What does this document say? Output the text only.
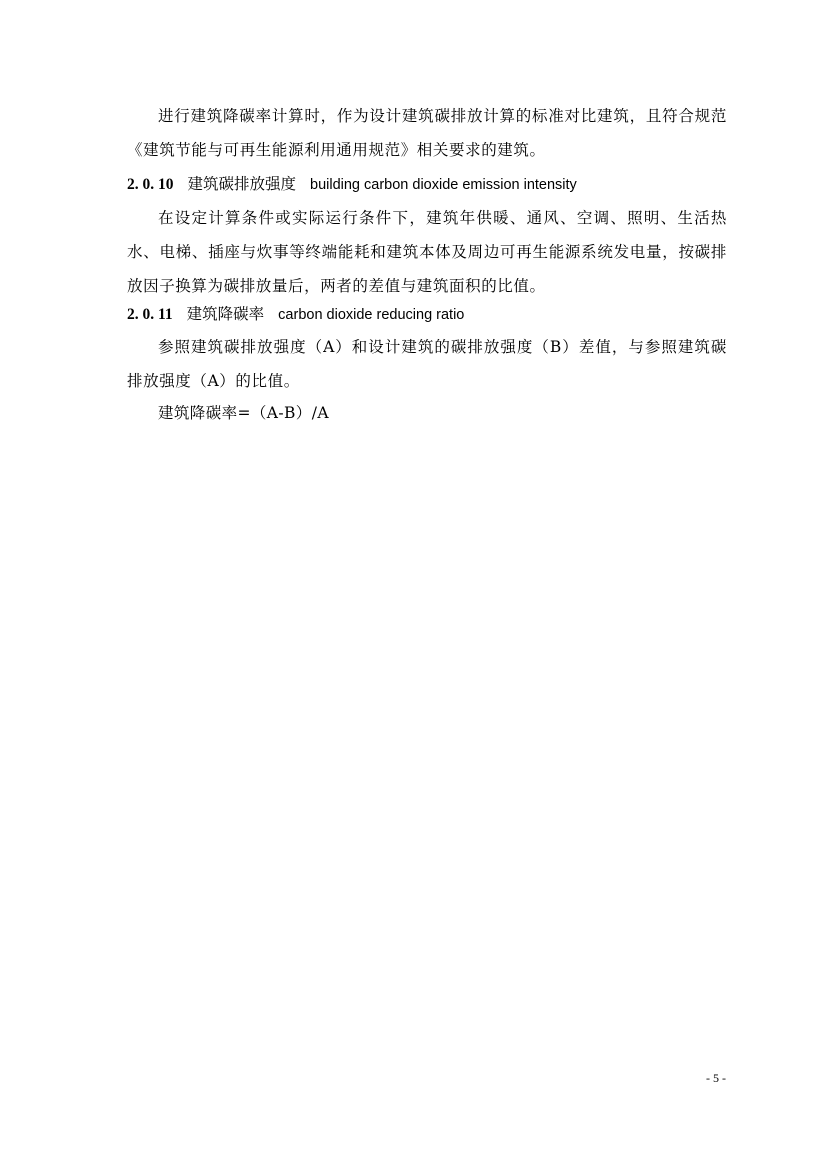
进行建筑降碳率计算时，作为设计建筑碳排放计算的标准对比建筑，且符合规范《建筑节能与可再生能源利用通用规范》相关要求的建筑。

2. 0. 10 建筑碳排放强度 building carbon dioxide emission intensity

在设定计算条件或实际运行条件下，建筑年供暖、通风、空调、照明、生活热水、电梯、插座与炊事等终端能耗和建筑本体及周边可再生能源系统发电量，按碳排放因子换算为碳排放量后，两者的差值与建筑面积的比值。

2. 0. 11 建筑降碳率 carbon dioxide reducing ratio

参照建筑碳排放强度（A）和设计建筑的碳排放强度（B）差值，与参照建筑碳排放强度（A）的比值。

建筑降碳率=（A-B）/A

- 5 -
